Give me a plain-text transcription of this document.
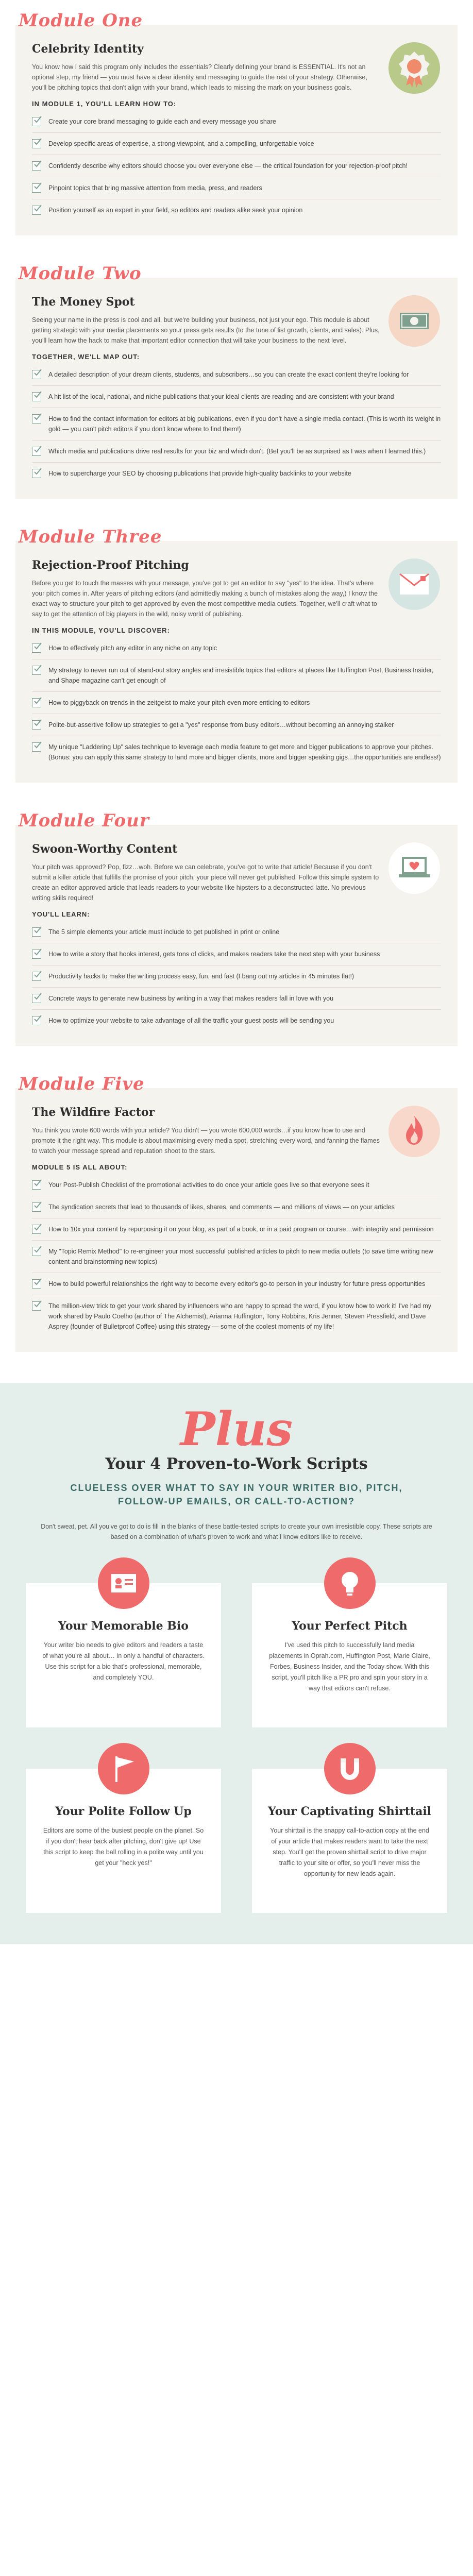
Module One
Celebrity Identity
You know how I said this program only includes the essentials? Clearly defining your brand is ESSENTIAL. It's not an optional step, my friend — you must have a clear identity and messaging to guide the rest of your strategy. Otherwise, you'll be pitching topics that don't align with your brand, which leads to missing the mark on your business goals.
IN MODULE 1, YOU'LL LEARN HOW TO:
Create your core brand messaging to guide each and every message you share
Develop specific areas of expertise, a strong viewpoint, and a compelling, unforgettable voice
Confidently describe why editors should choose you over everyone else — the critical foundation for your rejection-proof pitch!
Pinpoint topics that bring massive attention from media, press, and readers
Position yourself as an expert in your field, so editors and readers alike seek your opinion
Module Two
The Money Spot
Seeing your name in the press is cool and all, but we're building your business, not just your ego. This module is about getting strategic with your media placements so your press gets results (to the tune of list growth, clients, and sales). Plus, you'll learn how the hack to make that important editor connection that will take your business to the next level.
TOGETHER, WE'LL MAP OUT:
A detailed description of your dream clients, students, and subscribers…so you can create the exact content they're looking for
A hit list of the local, national, and niche publications that your ideal clients are reading and are consistent with your brand
How to find the contact information for editors at big publications, even if you don't have a single media contact. (This is worth its weight in gold — you can't pitch editors if you don't know where to find them!)
Which media and publications drive real results for your biz and which don't. (Bet you'll be as surprised as I was when I learned this.)
How to supercharge your SEO by choosing publications that provide high-quality backlinks to your website
Module Three
Rejection-Proof Pitching
Before you get to touch the masses with your message, you've got to get an editor to say "yes" to the idea. That's where your pitch comes in. After years of pitching editors (and admittedly making a bunch of mistakes along the way,) I know the exact way to structure your pitch to get approved by even the most competitive media outlets. Together, we'll craft what to say to get the attention of big players in the wild, noisy world of publishing.
IN THIS MODULE, YOU'LL DISCOVER:
How to effectively pitch any editor in any niche on any topic
My strategy to never run out of stand-out story angles and irresistible topics that editors at places like Huffington Post, Business Insider, and Shape magazine can't get enough of
How to piggyback on trends in the zeitgeist to make your pitch even more enticing to editors
Polite-but-assertive follow up strategies to get a "yes" response from busy editors…without becoming an annoying stalker
My unique "Laddering Up" sales technique to leverage each media feature to get more and bigger publications to approve your pitches. (Bonus: you can apply this same strategy to land more and bigger clients, more and bigger speaking gigs…the opportunities are endless!)
Module Four
Swoon-Worthy Content
Your pitch was approved? Pop, fizz…woh. Before we can celebrate, you've got to write that article! Because if you don't submit a killer article that fulfills the promise of your pitch, your piece will never get published. Follow this simple system to create an editor-approved article that leads readers to your website like hipsters to a deconstructed latte. No previous writing skills required!
YOU'LL LEARN:
The 5 simple elements your article must include to get published in print or online
How to write a story that hooks interest, gets tons of clicks, and makes readers take the next step with your business
Productivity hacks to make the writing process easy, fun, and fast (I bang out my articles in 45 minutes flat!)
Concrete ways to generate new business by writing in a way that makes readers fall in love with you
How to optimize your website to take advantage of all the traffic your guest posts will be sending you
Module Five
The Wildfire Factor
You think you wrote 600 words with your article? You didn't — you wrote 600,000 words…if you know how to use and promote it the right way. This module is about maximising every media spot, stretching every word, and fanning the flames to watch your message spread and reputation shoot to the stars.
MODULE 5 IS ALL ABOUT:
Your Post-Publish Checklist of the promotional activities to do once your article goes live so that everyone sees it
The syndication secrets that lead to thousands of likes, shares, and comments — and millions of views — on your articles
How to 10x your content by repurposing it on your blog, as part of a book, or in a paid program or course…with integrity and permission
My "Topic Remix Method" to re-engineer your most successful published articles to pitch to new media outlets (to save time writing new content and brainstorming new topics)
How to build powerful relationships the right way to become every editor's go-to person in your industry for future press opportunities
The million-view trick to get your work shared by influencers who are happy to spread the word, if you know how to work it! I've had my work shared by Paulo Coelho (author of The Alchemist), Arianna Huffington, Tony Robbins, Kris Jenner, Steven Pressfield, and Dave Asprey (founder of Bulletproof Coffee) using this strategy — some of the coolest moments of my life!
Plus
Your 4 Proven-to-Work Scripts
CLUELESS OVER WHAT TO SAY IN YOUR WRITER BIO, PITCH, FOLLOW-UP EMAILS, OR CALL-TO-ACTION?
Don't sweat, pet. All you've got to do is fill in the blanks of these battle-tested scripts to create your own irresistible copy. These scripts are based on a combination of what's proven to work and what I know editors like to receive.
Your Memorable Bio
Your writer bio needs to give editors and readers a taste of what you're all about… in only a handful of characters. Use this script for a bio that's professional, memorable, and completely YOU.
Your Perfect Pitch
I've used this pitch to successfully land media placements in Oprah.com, Huffington Post, Marie Claire, Forbes, Business Insider, and the Today show. With this script, you'll pitch like a PR pro and spin your story in a way that editors can't refuse.
Your Polite Follow Up
Editors are some of the busiest people on the planet. So if you don't hear back after pitching, don't give up! Use this script to keep the ball rolling in a polite way until you get your "heck yes!"
Your Captivating Shirttail
Your shirttail is the snappy call-to-action copy at the end of your article that makes readers want to take the next step. You'll get the proven shirttail script to drive major traffic to your site or offer, so you'll never miss the opportunity for new leads again.
